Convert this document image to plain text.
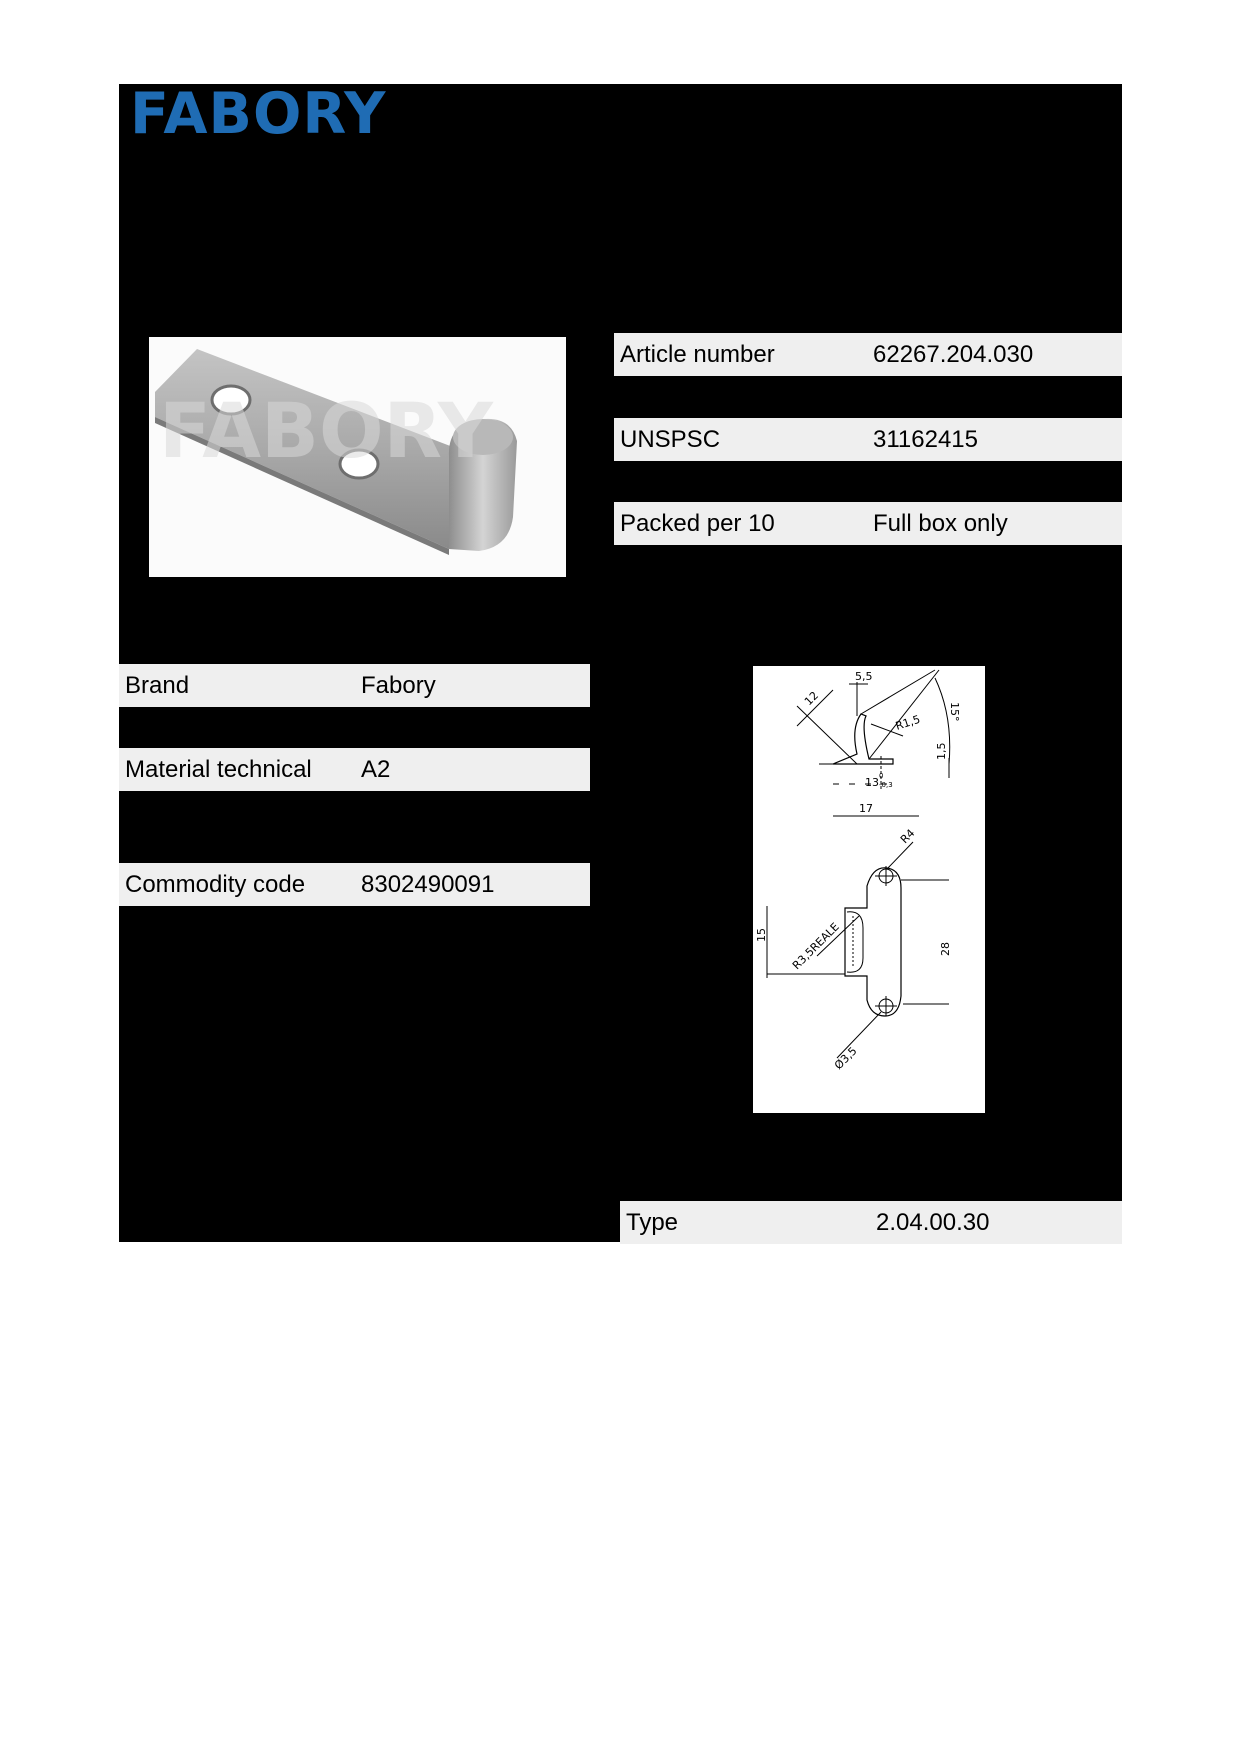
FABORY
FABORY
Article number	62267.204.030
UNSPSC	31162415
Packed per 10	Full box only
Brand	Fabory
Material technical A2
Commodity code 8302490091
5,5
12
15°
R1,5
1,5
13 0
-0,3
17
R4
15 R3,5REALE	28
Ø3,5
Type	2.04.00.30
